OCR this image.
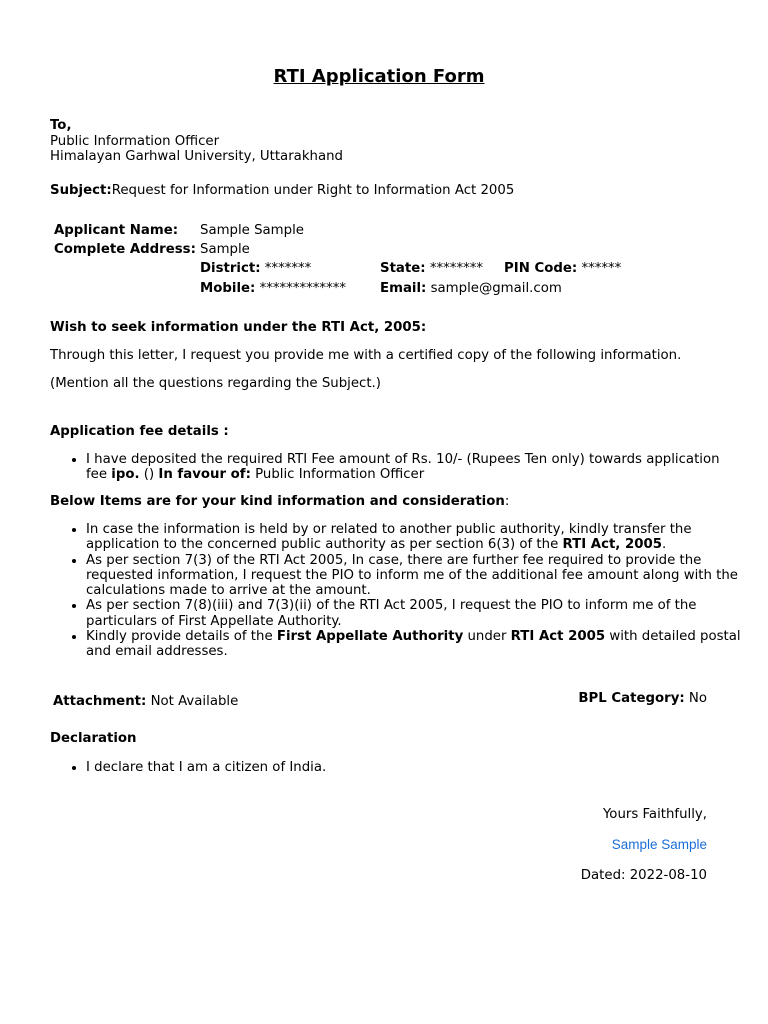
RTI Application Form
To,
Public Information Officer
Himalayan Garhwal University, Uttarakhand
Subject:Request for Information under Right to Information Act 2005
Applicant Name: Sample Sample
Complete Address: Sample
District: *******	State: ******** PIN Code: ******
Mobile: *************	Email: sample@gmail.com
Wish to seek information under the RTI Act, 2005:
Through this letter, I request you provide me with a certified copy of the following information.
(Mention all the questions regarding the Subject.)
Application fee details :
• I have deposited the required RTI Fee amount of Rs. 10/- (Rupees Ten only) towards application fee ipo. () In favour of: Public Information Officer
Below Items are for your kind information and consideration:
• In case the information is held by or related to another public authority, kindly transfer the application to the concerned public authority as per section 6(3) of the RTI Act, 2005.
• As per section 7(3) of the RTI Act 2005, In case, there are further fee required to provide the requested information, I request the PIO to inform me of the additional fee amount along with the calculations made to arrive at the amount.
• As per section 7(8)(iii) and 7(3)(ii) of the RTI Act 2005, I request the PIO to inform me of the particulars of First Appellate Authority.
• Kindly provide details of the First Appellate Authority under RTI Act 2005 with detailed postal and email addresses.
Attachment: Not Available	BPL Category: No
Declaration
• I declare that I am a citizen of India.
Yours Faithfully,
Sample Sample
Dated: 2022-08-10
